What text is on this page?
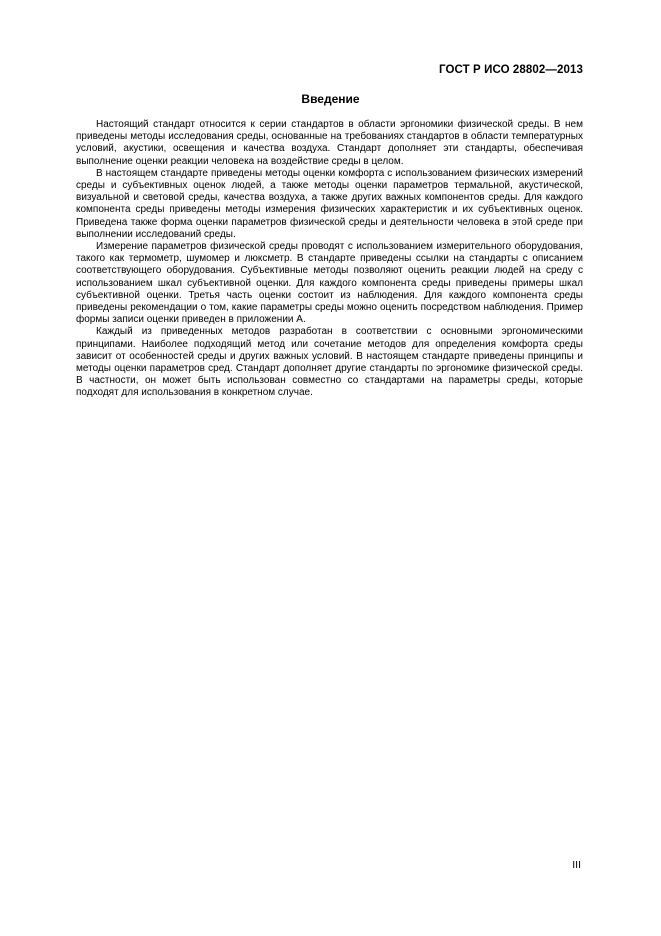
ГОСТ Р ИСО 28802—2013
Введение

Настоящий стандарт относится к серии стандартов в области эргономики физической среды. В нем приведены методы исследования среды, основанные на требованиях стандартов в области температурных условий, акустики, освещения и качества воздуха. Стандарт дополняет эти стандарты, обеспечивая выполнение оценки реакции человека на воздействие среды в целом.

В настоящем стандарте приведены методы оценки комфорта с использованием физических измерений среды и субъективных оценок людей, а также методы оценки параметров термальной, акустической, визуальной и световой среды, качества воздуха, а также других важных компонентов среды. Для каждого компонента среды приведены методы измерения физических характеристик и их субъективных оценок. Приведена также форма оценки параметров физической среды и деятельности человека в этой среде при выполнении исследований среды.

Измерение параметров физической среды проводят с использованием измерительного оборудования, такого как термометр, шумомер и люксметр. В стандарте приведены ссылки на стандарты с описанием соответствующего оборудования. Субъективные методы позволяют оценить реакции людей на среду с использованием шкал субъективной оценки. Для каждого компонента среды приведены примеры шкал субъективной оценки. Третья часть оценки состоит из наблюдения. Для каждого компонента среды приведены рекомендации о том, какие параметры среды можно оценить посредством наблюдения. Пример формы записи оценки приведен в приложении А.

Каждый из приведенных методов разработан в соответствии с основными эргономическими принципами. Наиболее подходящий метод или сочетание методов для определения комфорта среды зависит от особенностей среды и других важных условий. В настоящем стандарте приведены принципы и методы оценки параметров сред. Стандарт дополняет другие стандарты по эргономике физической среды. В частности, он может быть использован совместно со стандартами на параметры среды, которые подходят для использования в конкретном случае.

III
